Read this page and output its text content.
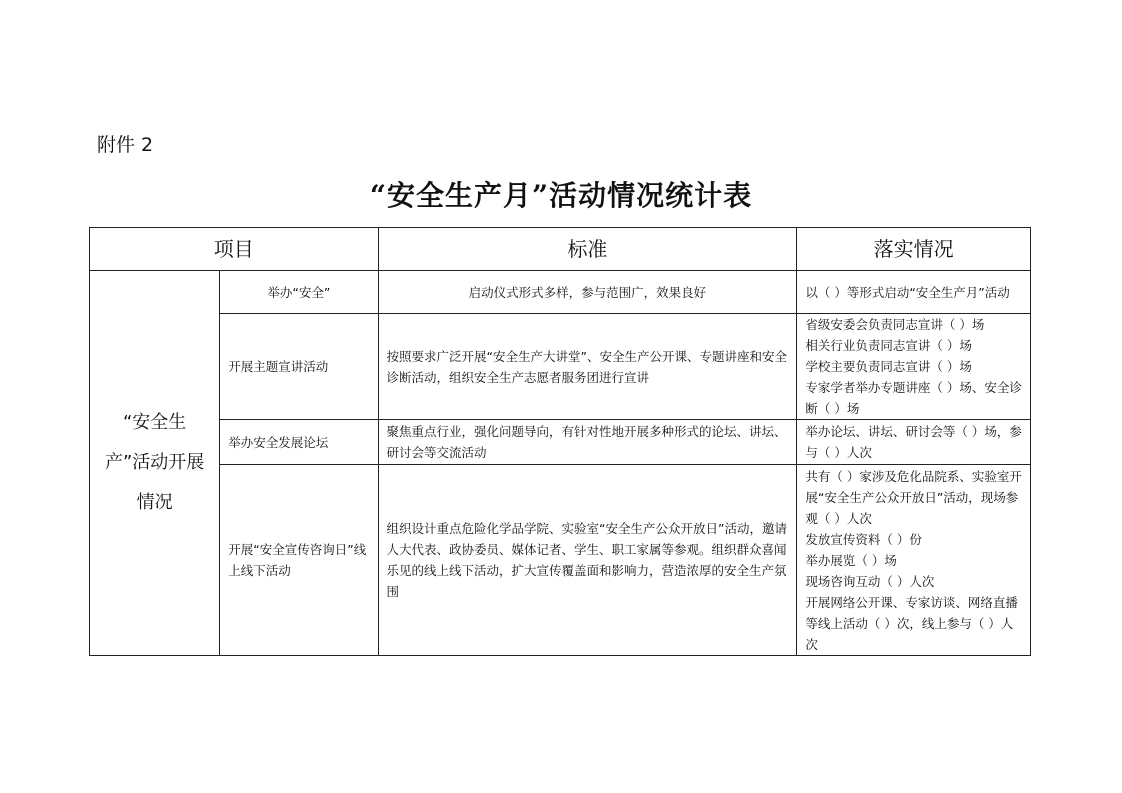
附件 2
“安全生产月”活动情况统计表
项目		标准	落实情况
“安全生产”活动开展情况	举办“安全”	启动仪式形式多样，参与范围广，效果良好	以（ ）等形式启动“安全生产月”活动

	开展主题宣讲活动	按照要求广泛开展“安全生产大讲堂”、安全生产公开课、专题讲座和安全诊断活动，组织安全生产志愿者服务团进行宣讲	省级安委会负责同志宣讲（ ）场
相关行业负责同志宣讲（ ）场
学校主要负责同志宣讲（ ）场
专家学者举办专题讲座（ ）场、安全诊断（ ）场

	举办安全发展论坛	聚焦重点行业，强化问题导向，有针对性地开展多种形式的论坛、讲坛、研讨会等交流活动	举办论坛、讲坛、研讨会等（ ）场，参与（ ）人次

	开展“安全宣传咨询日”线上线下活动	组织设计重点危险化学品学院、实验室“安全生产公众开放日”活动，邀请人大代表、政协委员、媒体记者、学生、职工家属等参观。组织群众喜闻乐见的线上线下活动，扩大宣传覆盖面和影响力，营造浓厚的安全生产氛围	共有（ ）家涉及危化品院系、实验室开展“安全生产公众开放日”活动，现场参观（ ）人次
发放宣传资料（ ）份
举办展览（ ）场
现场咨询互动（ ）人次
开展网络公开课、专家访谈、网络直播等线上活动（ ）次，线上参与（ ）人次
